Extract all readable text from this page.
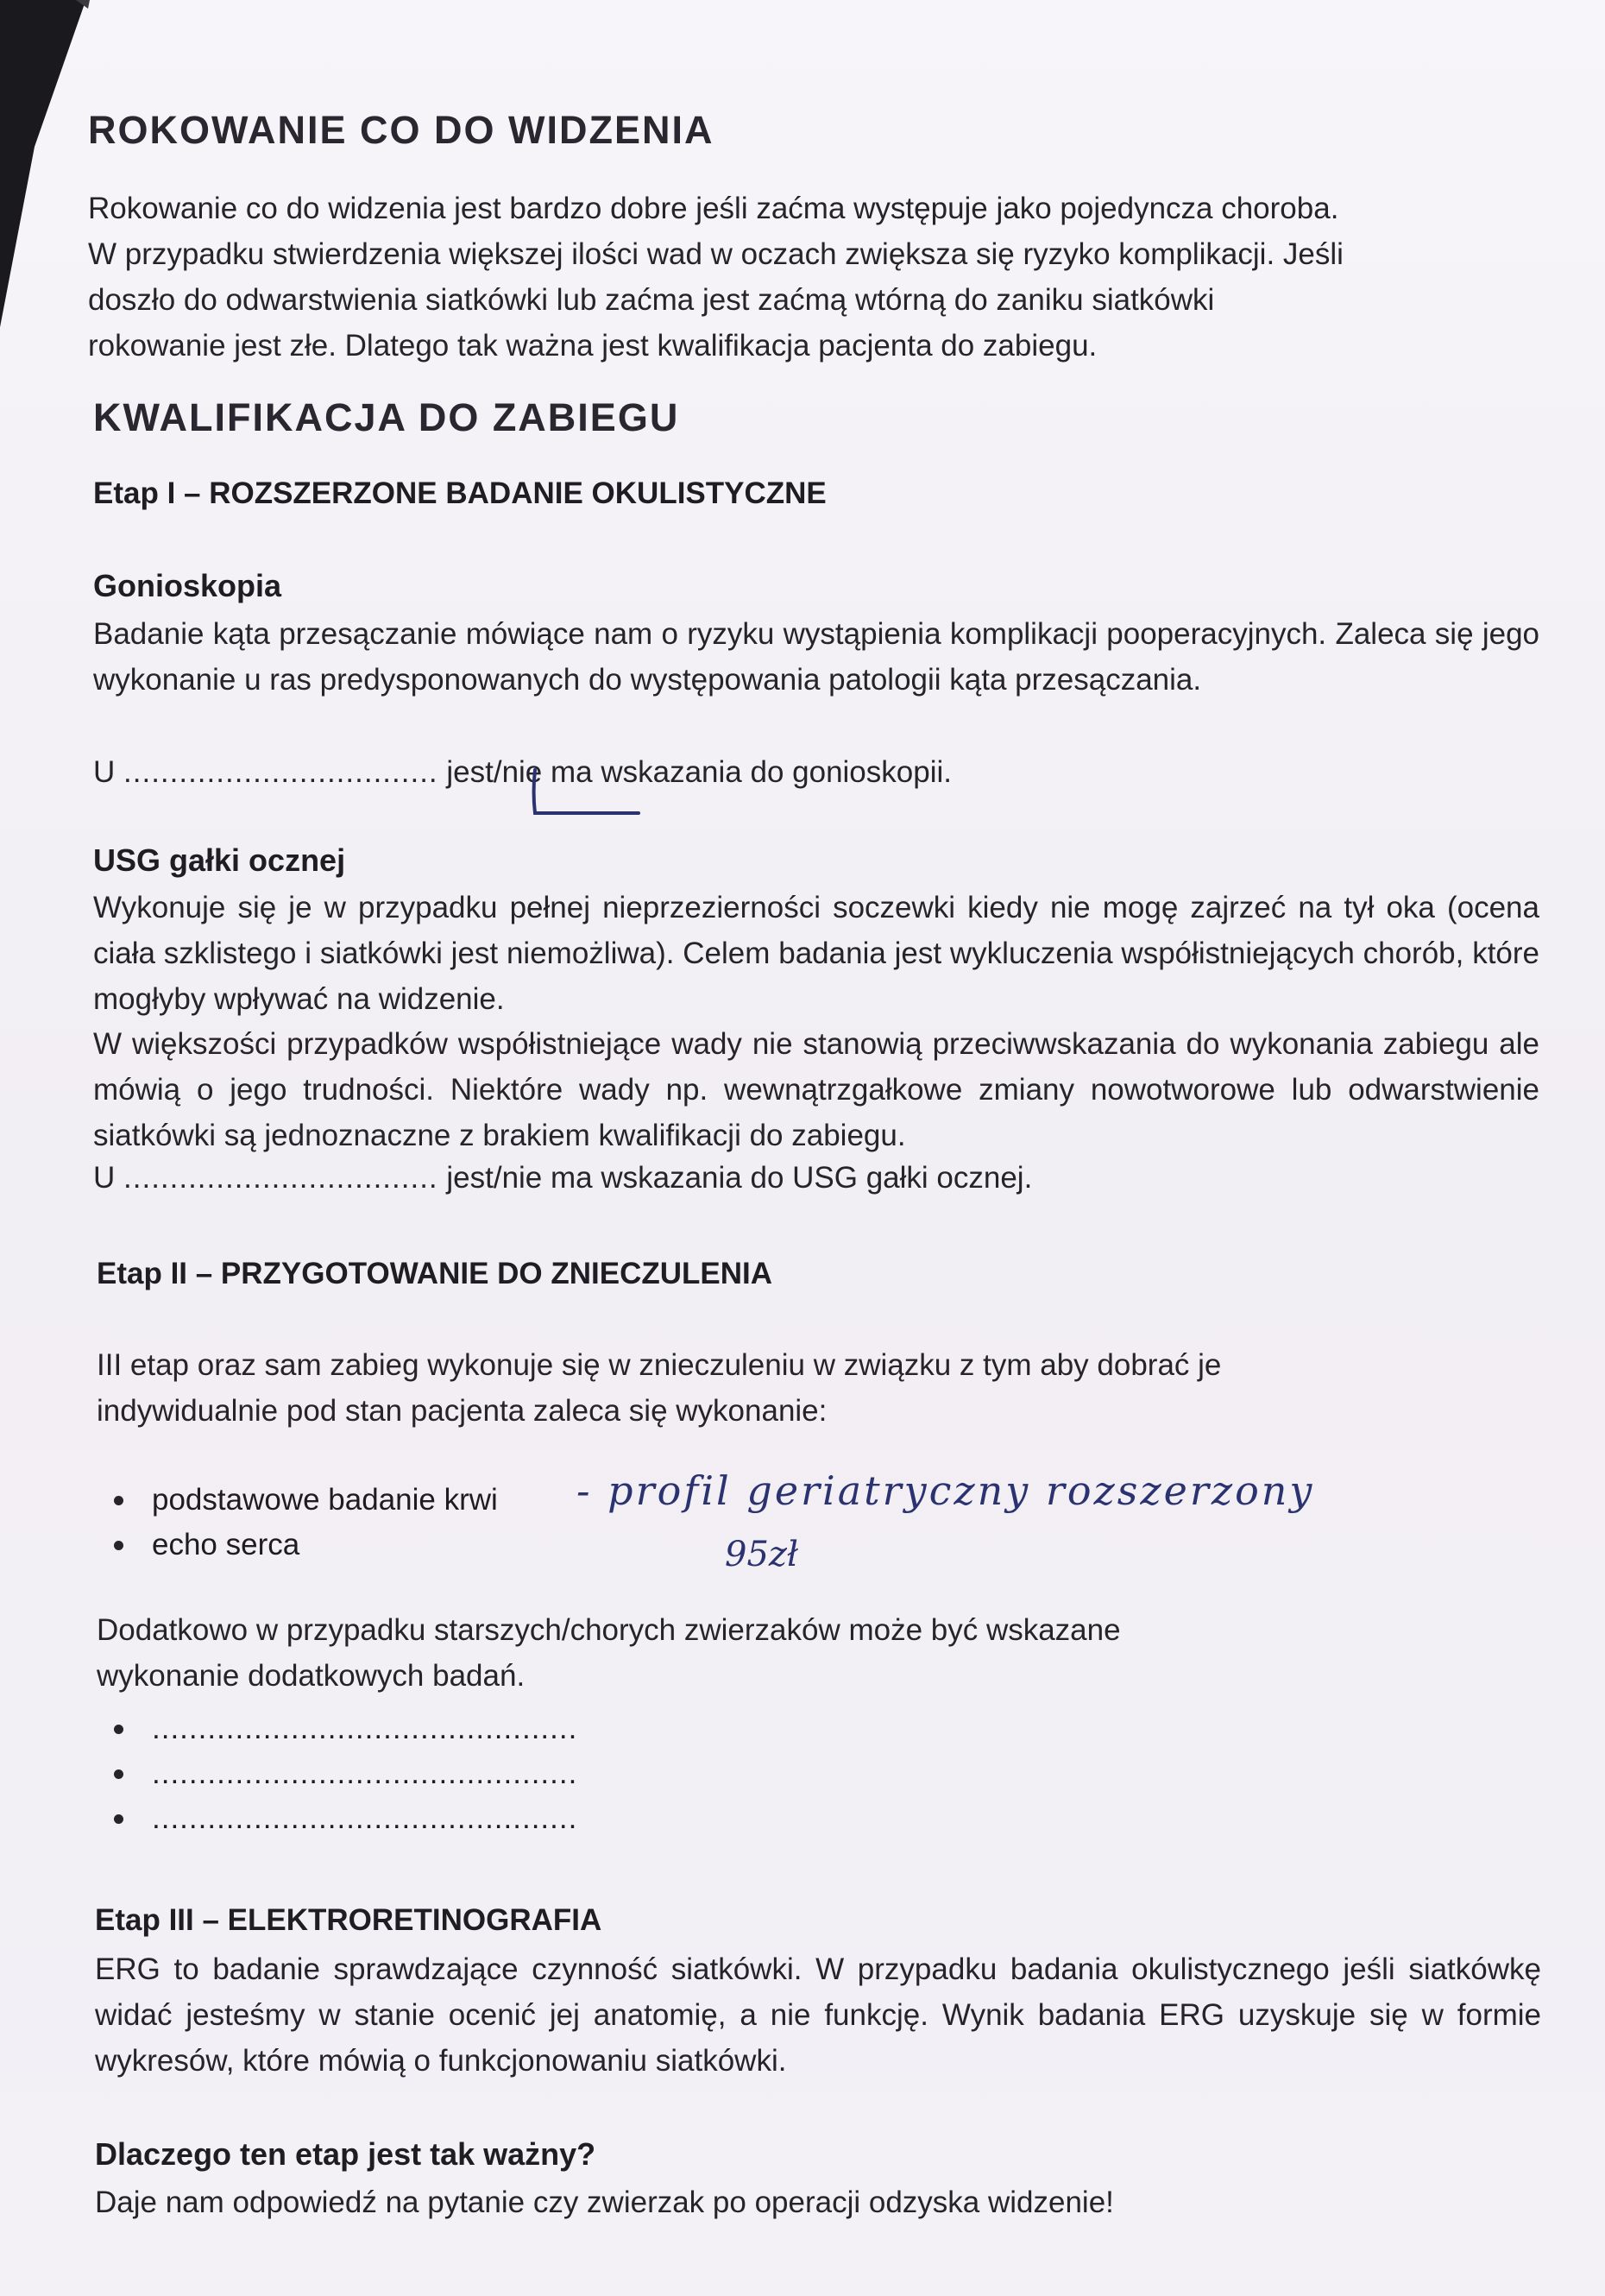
ROKOWANIE CO DO WIDZENIA
Rokowanie co do widzenia jest bardzo dobre jeśli zaćma występuje jako pojedyncza choroba.
W przypadku stwierdzenia większej ilości wad w oczach zwiększa się ryzyko komplikacji. Jeśli
doszło do odwarstwienia siatkówki lub zaćma jest zaćmą wtórną do zaniku siatkówki
rokowanie jest złe. Dlatego tak ważna jest kwalifikacja pacjenta do zabiegu.
KWALIFIKACJA DO ZABIEGU
Etap I – ROZSZERZONE BADANIE OKULISTYCZNE
Gonioskopia
Badanie kąta przesączanie mówiące nam o ryzyku wystąpienia komplikacji pooperacyjnych. Zaleca się jego wykonanie u ras predysponowanych do występowania patologii kąta przesączania.
U .................................. jest/nie ma wskazania do gonioskopii.
USG gałki ocznej
Wykonuje się je w przypadku pełnej nieprzezierności soczewki kiedy nie mogę zajrzeć na tył oka (ocena ciała szklistego i siatkówki jest niemożliwa). Celem badania jest wykluczenia współistniejących chorób, które mogłyby wpływać na widzenie.
W większości przypadków współistniejące wady nie stanowią przeciwwskazania do wykonania zabiegu ale mówią o jego trudności. Niektóre wady np. wewnątrzgałkowe zmiany nowotworowe lub odwarstwienie siatkówki są jednoznaczne z brakiem kwalifikacji do zabiegu.
U .................................. jest/nie ma wskazania do USG gałki ocznej.
Etap II – PRZYGOTOWANIE DO ZNIECZULENIA
III etap oraz sam zabieg wykonuje się w znieczuleniu w związku z tym aby dobrać je
indywidualnie pod stan pacjenta zaleca się wykonanie:
podstawowe badanie krwi
echo serca
- profil geriatryczny rozszerzony
95zł
Dodatkowo w przypadku starszych/chorych zwierzaków może być wskazane
wykonanie dodatkowych badań.
..............................................
..............................................
..............................................
Etap III – ELEKTRORETINOGRAFIA
ERG to badanie sprawdzające czynność siatkówki. W przypadku badania okulistycznego jeśli siatkówkę widać jesteśmy w stanie ocenić jej anatomię, a nie funkcję. Wynik badania ERG uzyskuje się w formie wykresów, które mówią o funkcjonowaniu siatkówki.
Dlaczego ten etap jest tak ważny?
Daje nam odpowiedź na pytanie czy zwierzak po operacji odzyska widzenie!
